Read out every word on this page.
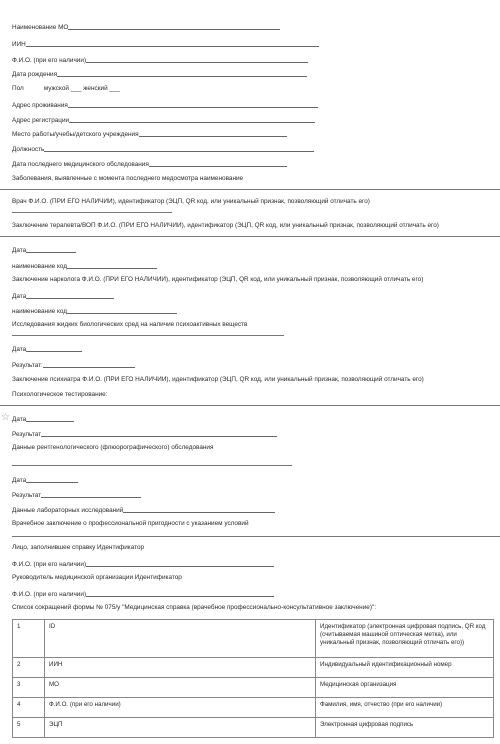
Наименование МО
ИИН
Ф.И.О. (при его наличии)
Дата рождения
Пол	мужской ___ женский ___
Адрес проживания
Адрес регистрации
Место работы/учебы/детского учреждения
Должность
Дата последнего медицинского обследования
Заболевания, выявленные с момента последнего медосмотра наименование
Врач Ф.И.О. (ПРИ ЕГО НАЛИЧИИ), идентификатор (ЭЦП, QR код, или уникальный признак, позволяющий отличать его)
Заключение терапевта/ВОП Ф.И.О. (ПРИ ЕГО НАЛИЧИИ), идентификатор (ЭЦП, QR код, или уникальный признак, позволяющий отличать его)
Дата
наименование код
Заключение нарколога Ф.И.О. (ПРИ ЕГО НАЛИЧИИ), идентификатор (ЭЦП, QR код, или уникальный признак, позволяющий отличать его)
Дата
наименование код
Исследования жидких биологических сред на наличие психоактивных веществ
Дата
Результат:
Заключение психиатра Ф.И.О. (ПРИ ЕГО НАЛИЧИИ), идентификатор (ЭЦП, QR код, или уникальный признак, позволяющий отличать его)
Психологическое тестирование:
☆ Дата
Результат
Данные рентгенологического (флюорографического) обследования
Дата
Результат
Данные лабораторных исследований
Врачебное заключение о профессиональной пригодности с указанием условий
Лицо, заполнившее справку Идентификатор
Ф.И.О. (при его наличии)
Руководитель медицинской организации Идентификатор
Ф.И.О. (при его наличии)
Список сокращений формы № 075/у "Медицинская справка (врачебное профессионально-консультативное заключение)":
1	ID	Идентификатор (электронная цифровая подпись, QR код (считываемая машиной оптическая метка), или уникальный признак, позволяющий отличать его))
2	ИИН	Индивидуальный идентификационный номер
3	МО	Медицинская организация
4	Ф.И.О. (при его наличии)	Фамилия, имя, отчество (при его наличии)
5	ЭЦП	Электронная цифровая подпись
